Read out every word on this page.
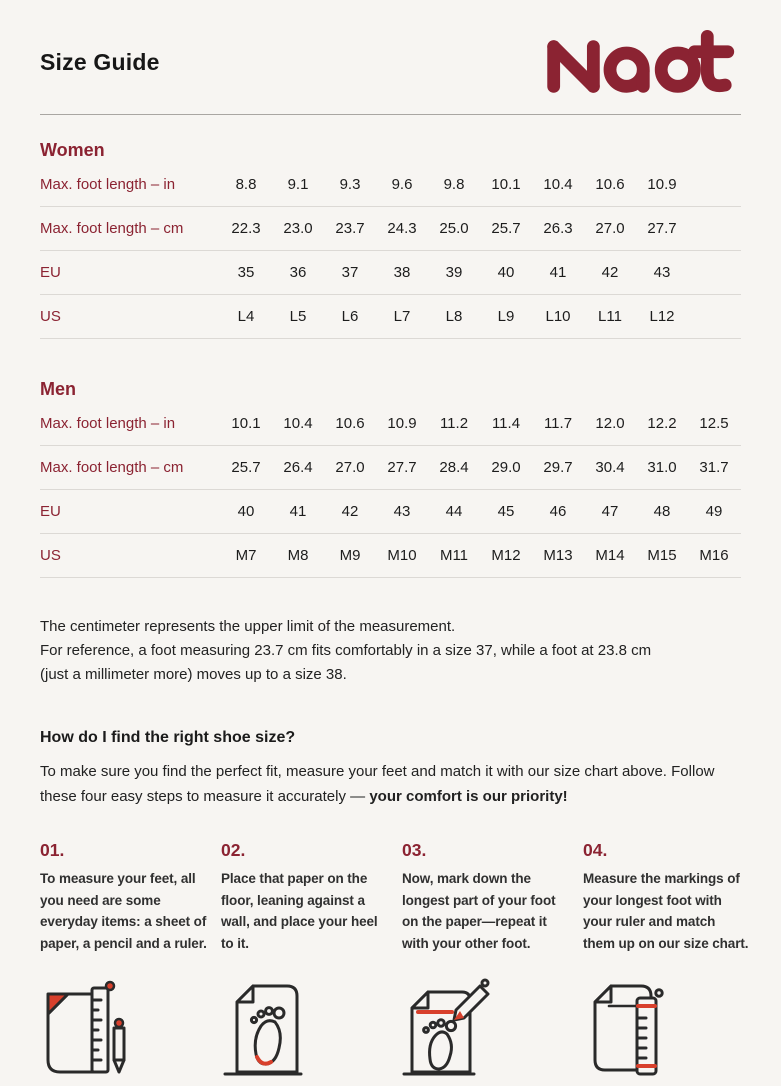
Size Guide
Women
Max. foot length – in	8.8	9.1	9.3	9.6	9.8	10.1	10.4	10.6	10.9	
Max. foot length – cm	22.3	23.0	23.7	24.3	25.0	25.7	26.3	27.0	27.7	
EU	35	36	37	38	39	40	41	42	43	
US	L4	L5	L6	L7	L8	L9	L10	L11	L12	
Men
Max. foot length – in	10.1	10.4	10.6	10.9	11.2	11.4	11.7	12.0	12.2	12.5	
Max. foot length – cm	25.7	26.4	27.0	27.7	28.4	29.0	29.7	30.4	31.0	31.7	
EU	40	41	42	43	44	45	46	47	48	49	
US	M7	M8	M9	M10	M11	M12	M13	M14	M15	M16	

The centimeter represents the upper limit of the measurement.

For reference, a foot measuring 23.7 cm fits comfortably in a size 37, while a foot at 23.8 cm

(just a millimeter more) moves up to a size 38.

How do I find the right shoe size?

To make sure you find the perfect fit, measure your feet and match it with our size chart above. Follow these four easy steps to measure it accurately — your comfort is our priority!

01.

To measure your feet, all you need are some everyday items: a sheet of paper, a pencil and a ruler.

02.

Place that paper on the floor, leaning against a wall, and place your heel to it.

03.

Now, mark down the longest part of your foot on the paper—repeat it with your other foot.

04.

Measure the markings of your longest foot with your ruler and match them up on our size chart.
